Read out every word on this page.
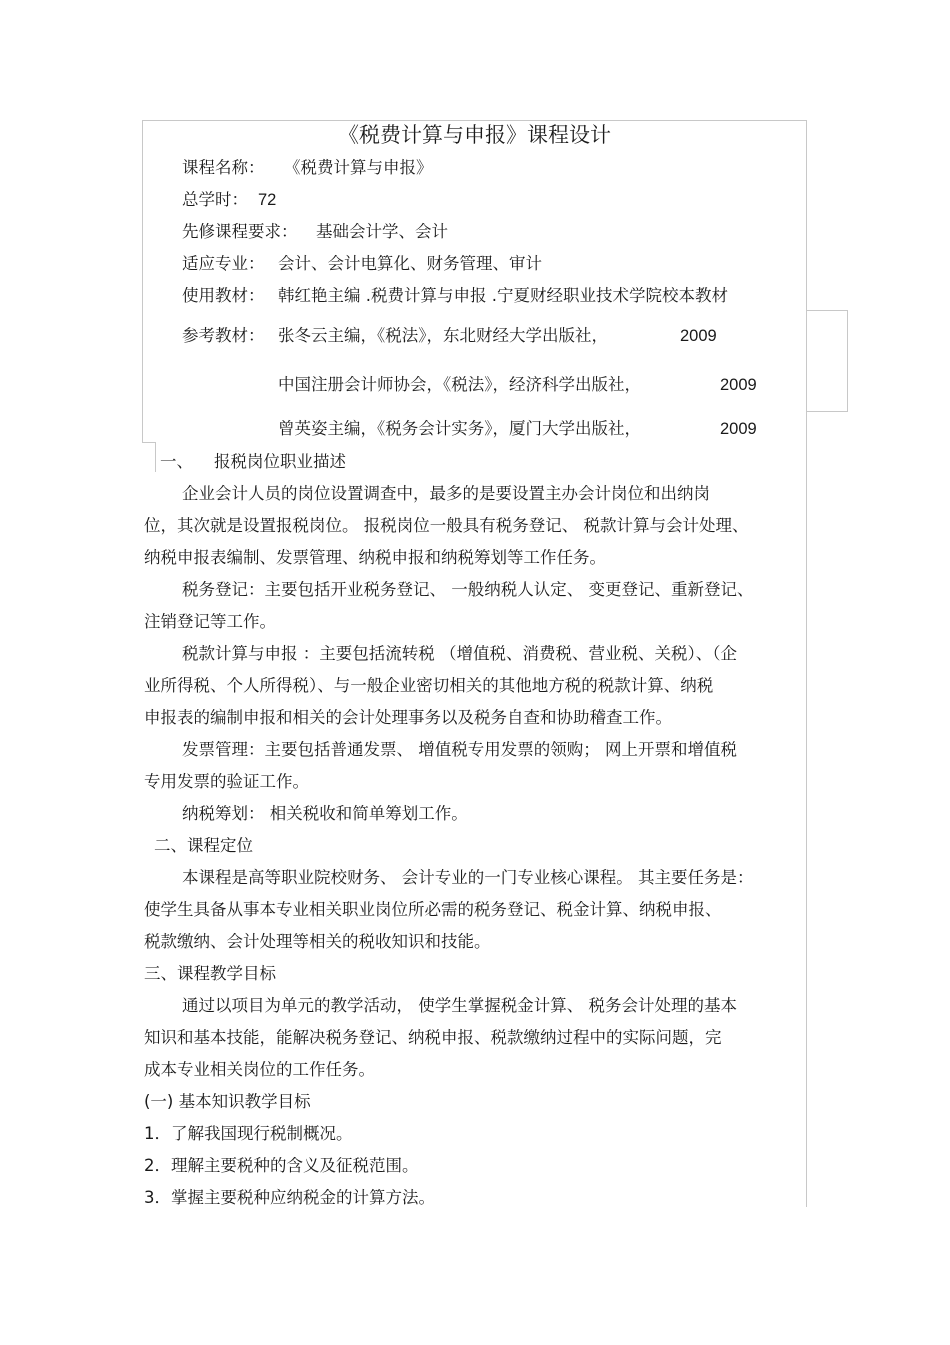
《税费计算与申报》课程设计
课程名称： 《税费计算与申报》
总学时： 72
先修课程要求： 基础会计学、会计
适应专业： 会计、会计电算化、财务管理、审计
使用教材： 韩红艳主编 .税费计算与申报 .宁夏财经职业技术学院校本教材
参考教材： 张冬云主编，《税法》，东北财经大学出版社，	2009
中国注册会计师协会，《税法》，经济科学出版社，	2009
曾英姿主编，《税务会计实务》，厦门大学出版社，	2009
一、 报税岗位职业描述
企业会计人员的岗位设置调查中，最多的是要设置主办会计岗位和出纳岗
位，其次就是设置报税岗位。 报税岗位一般具有税务登记、 税款计算与会计处理、
纳税申报表编制、发票管理、纳税申报和纳税筹划等工作任务。
税务登记：主要包括开业税务登记、 一般纳税人认定、 变更登记、重新登记、
注销登记等工作。
税款计算与申报 ：主要包括流转税 （增值税、消费税、营业税、关税）、（企
业所得税、个人所得税）、与一般企业密切相关的其他地方税的税款计算、纳税
申报表的编制申报和相关的会计处理事务以及税务自查和协助稽查工作。
发票管理：主要包括普通发票、 增值税专用发票的领购； 网上开票和增值税
专用发票的验证工作。
纳税筹划： 相关税收和简单筹划工作。
二、课程定位
本课程是高等职业院校财务、 会计专业的一门专业核心课程。 其主要任务是：
使学生具备从事本专业相关职业岗位所必需的税务登记、税金计算、纳税申报、
税款缴纳、会计处理等相关的税收知识和技能。
三、课程教学目标
通过以项目为单元的教学活动， 使学生掌握税金计算、 税务会计处理的基本
知识和基本技能，能解决税务登记、纳税申报、税款缴纳过程中的实际问题，完
成本专业相关岗位的工作任务。
(一) 基本知识教学目标
1．了解我国现行税制概况。
2．理解主要税种的含义及征税范围。
3．掌握主要税种应纳税金的计算方法。
